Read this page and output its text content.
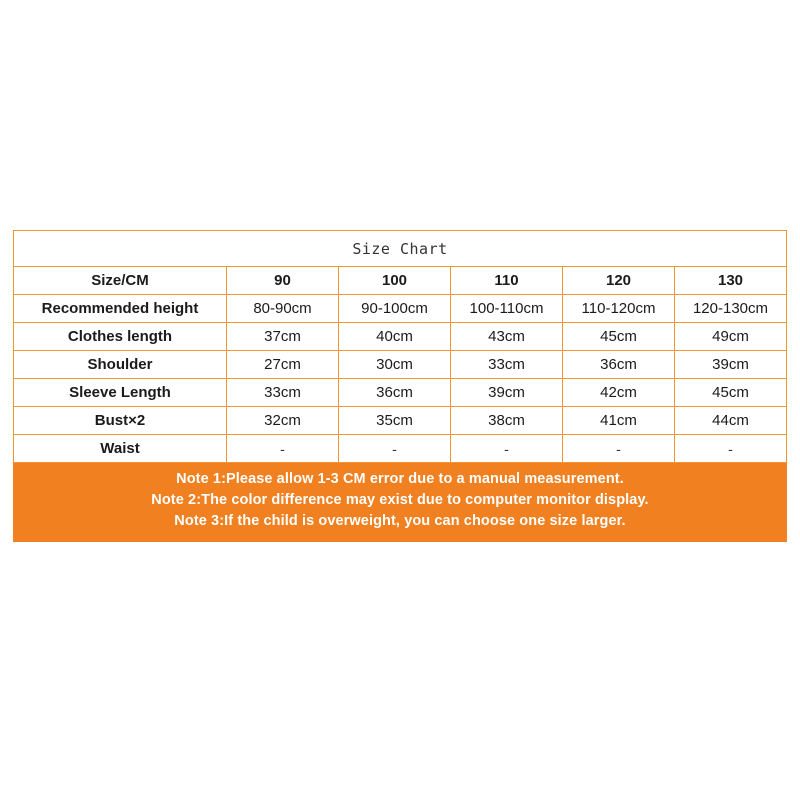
Size Chart
Size/CM	90	100	110	120	130
Recommended height	80-90cm	90-100cm	100-110cm	110-120cm	120-130cm
Clothes length	37cm	40cm	43cm	45cm	49cm
Shoulder	27cm	30cm	33cm	36cm	39cm
Sleeve Length	33cm	36cm	39cm	42cm	45cm
Bust×2	32cm	35cm	38cm	41cm	44cm
Waist	-	-	-	-	-
Note 1:Please allow 1-3 CM error due to a manual measurement.
Note 2:The color difference may exist due to computer monitor display.
Note 3:If the child is overweight, you can choose one size larger.
